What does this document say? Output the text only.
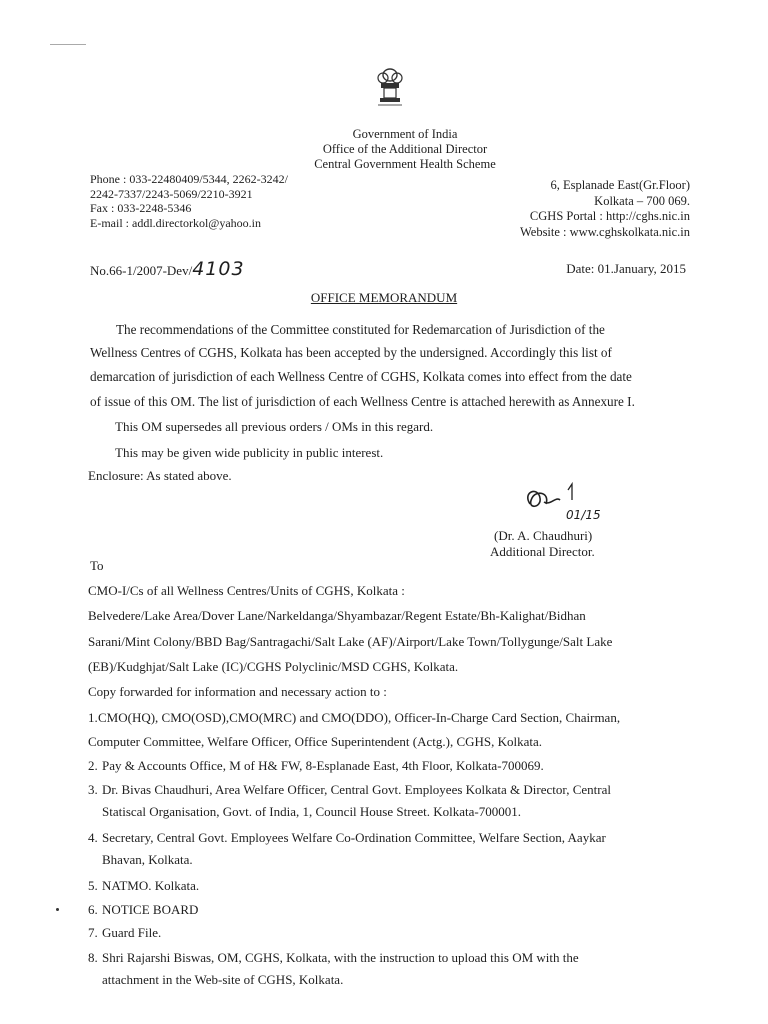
Government of India
Office of the Additional Director
Central Government Health Scheme
Phone : 033-22480409/5344, 2262-3242/
2242-7337/2243-5069/2210-3921
Fax : 033-2248-5346
E-mail : addl.directorkol@yahoo.in
6, Esplanade East(Gr.Floor)
Kolkata – 700 069.
CGHS Portal : http://cghs.nic.in
Website : www.cghskolkata.nic.in
No.66-1/2007-Dev/4103	Date: 01.January, 2015
OFFICE MEMORANDUM
The recommendations of the Committee constituted for Redemarcation of Jurisdiction of the
Wellness Centres of CGHS, Kolkata has been accepted by the undersigned. Accordingly this list of
demarcation of jurisdiction of each Wellness Centre of CGHS, Kolkata comes into effect from the date
of issue of this OM. The list of jurisdiction of each Wellness Centre is attached herewith as Annexure I.
This OM supersedes all previous orders / OMs in this regard.
This may be given wide publicity in public interest.
Enclosure: As stated above.
01/15
(Dr. A. Chaudhuri)
Additional Director.
To
CMO-I/Cs of all Wellness Centres/Units of CGHS, Kolkata :
Belvedere/Lake Area/Dover Lane/Narkeldanga/Shyambazar/Regent Estate/Bh-Kalighat/Bidhan
Sarani/Mint Colony/BBD Bag/Santragachi/Salt Lake (AF)/Airport/Lake Town/Tollygunge/Salt Lake
(EB)/Kudghjat/Salt Lake (IC)/CGHS Polyclinic/MSD CGHS, Kolkata.
Copy forwarded for information and necessary action to :
1. CMO(HQ), CMO(OSD),CMO(MRC) and CMO(DDO), Officer-In-Charge Card Section, Chairman,
Computer Committee, Welfare Officer, Office Superintendent (Actg.), CGHS, Kolkata.
2. Pay & Accounts Office, M of H& FW, 8-Esplanade East, 4th Floor, Kolkata-700069.
3. Dr. Bivas Chaudhuri, Area Welfare Officer, Central Govt. Employees Kolkata & Director, Central
Statiscal Organisation, Govt. of India, 1, Council House Street. Kolkata-700001.
4. Secretary, Central Govt. Employees Welfare Co-Ordination Committee, Welfare Section, Aaykar
Bhavan, Kolkata.
5. NATMO. Kolkata.
6. NOTICE BOARD
7. Guard File.
8. Shri Rajarshi Biswas, OM, CGHS, Kolkata, with the instruction to upload this OM with the
attachment in the Web-site of CGHS, Kolkata.
